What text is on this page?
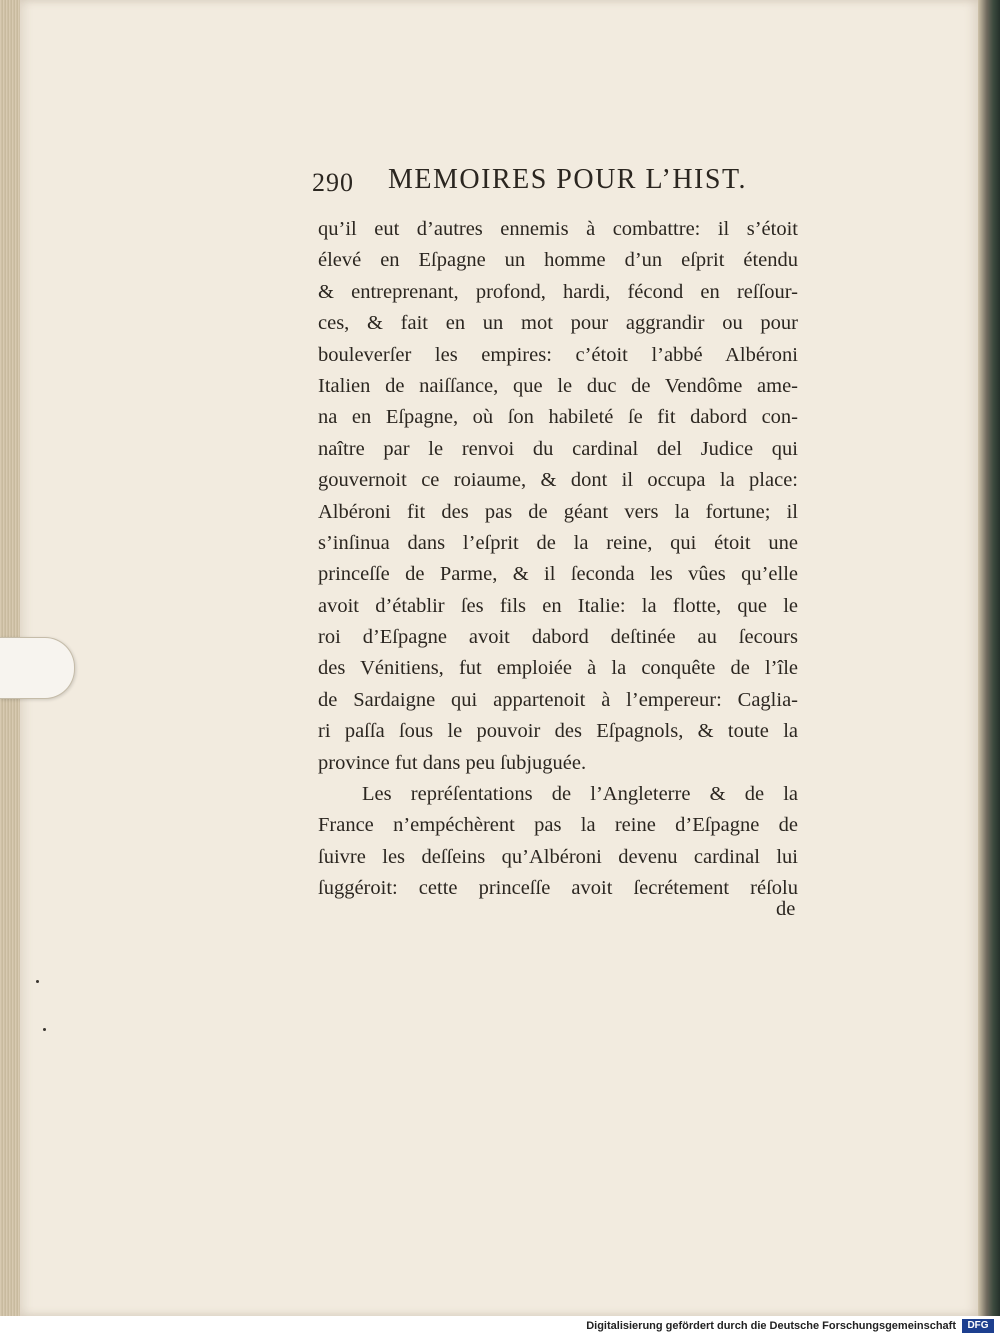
290 MEMOIRES POUR L’HIST.
qu’il eut d’autres ennemis à combattre: il s’étoit
élevé en Eſpagne un homme d’un eſprit étendu
& entreprenant, profond, hardi, fécond en reſſour-
ces, & fait en un mot pour aggrandir ou pour
bouleverſer les empires: c’étoit l’abbé Albéroni
Italien de naiſſance, que le duc de Vendôme ame-
na en Eſpagne, où ſon habileté ſe fit dabord con-
naître par le renvoi du cardinal del Judice qui
gouvernoit ce roiaume, & dont il occupa la place:
Albéroni fit des pas de géant vers la fortune; il
s’inſinua dans l’eſprit de la reine, qui étoit une
princeſſe de Parme, & il ſeconda les vûes qu’elle
avoit d’établir ſes fils en Italie: la flotte, que le
roi d’Eſpagne avoit dabord deſtinée au ſecours
des Vénitiens, fut emploiée à la conquête de l’île
de Sardaigne qui appartenoit à l’empereur: Caglia-
ri paſſa ſous le pouvoir des Eſpagnols, & toute la
province fut dans peu ſubjuguée.
Les repréſentations de l’Angleterre & de la
France n’empéchèrent pas la reine d’Eſpagne de
ſuivre les deſſeins qu’Albéroni devenu cardinal lui
ſuggéroit: cette princeſſe avoit ſecrétement réſolu
de
Digitalisierung gefördert durch die Deutsche Forschungsgemeinschaft	DFG
